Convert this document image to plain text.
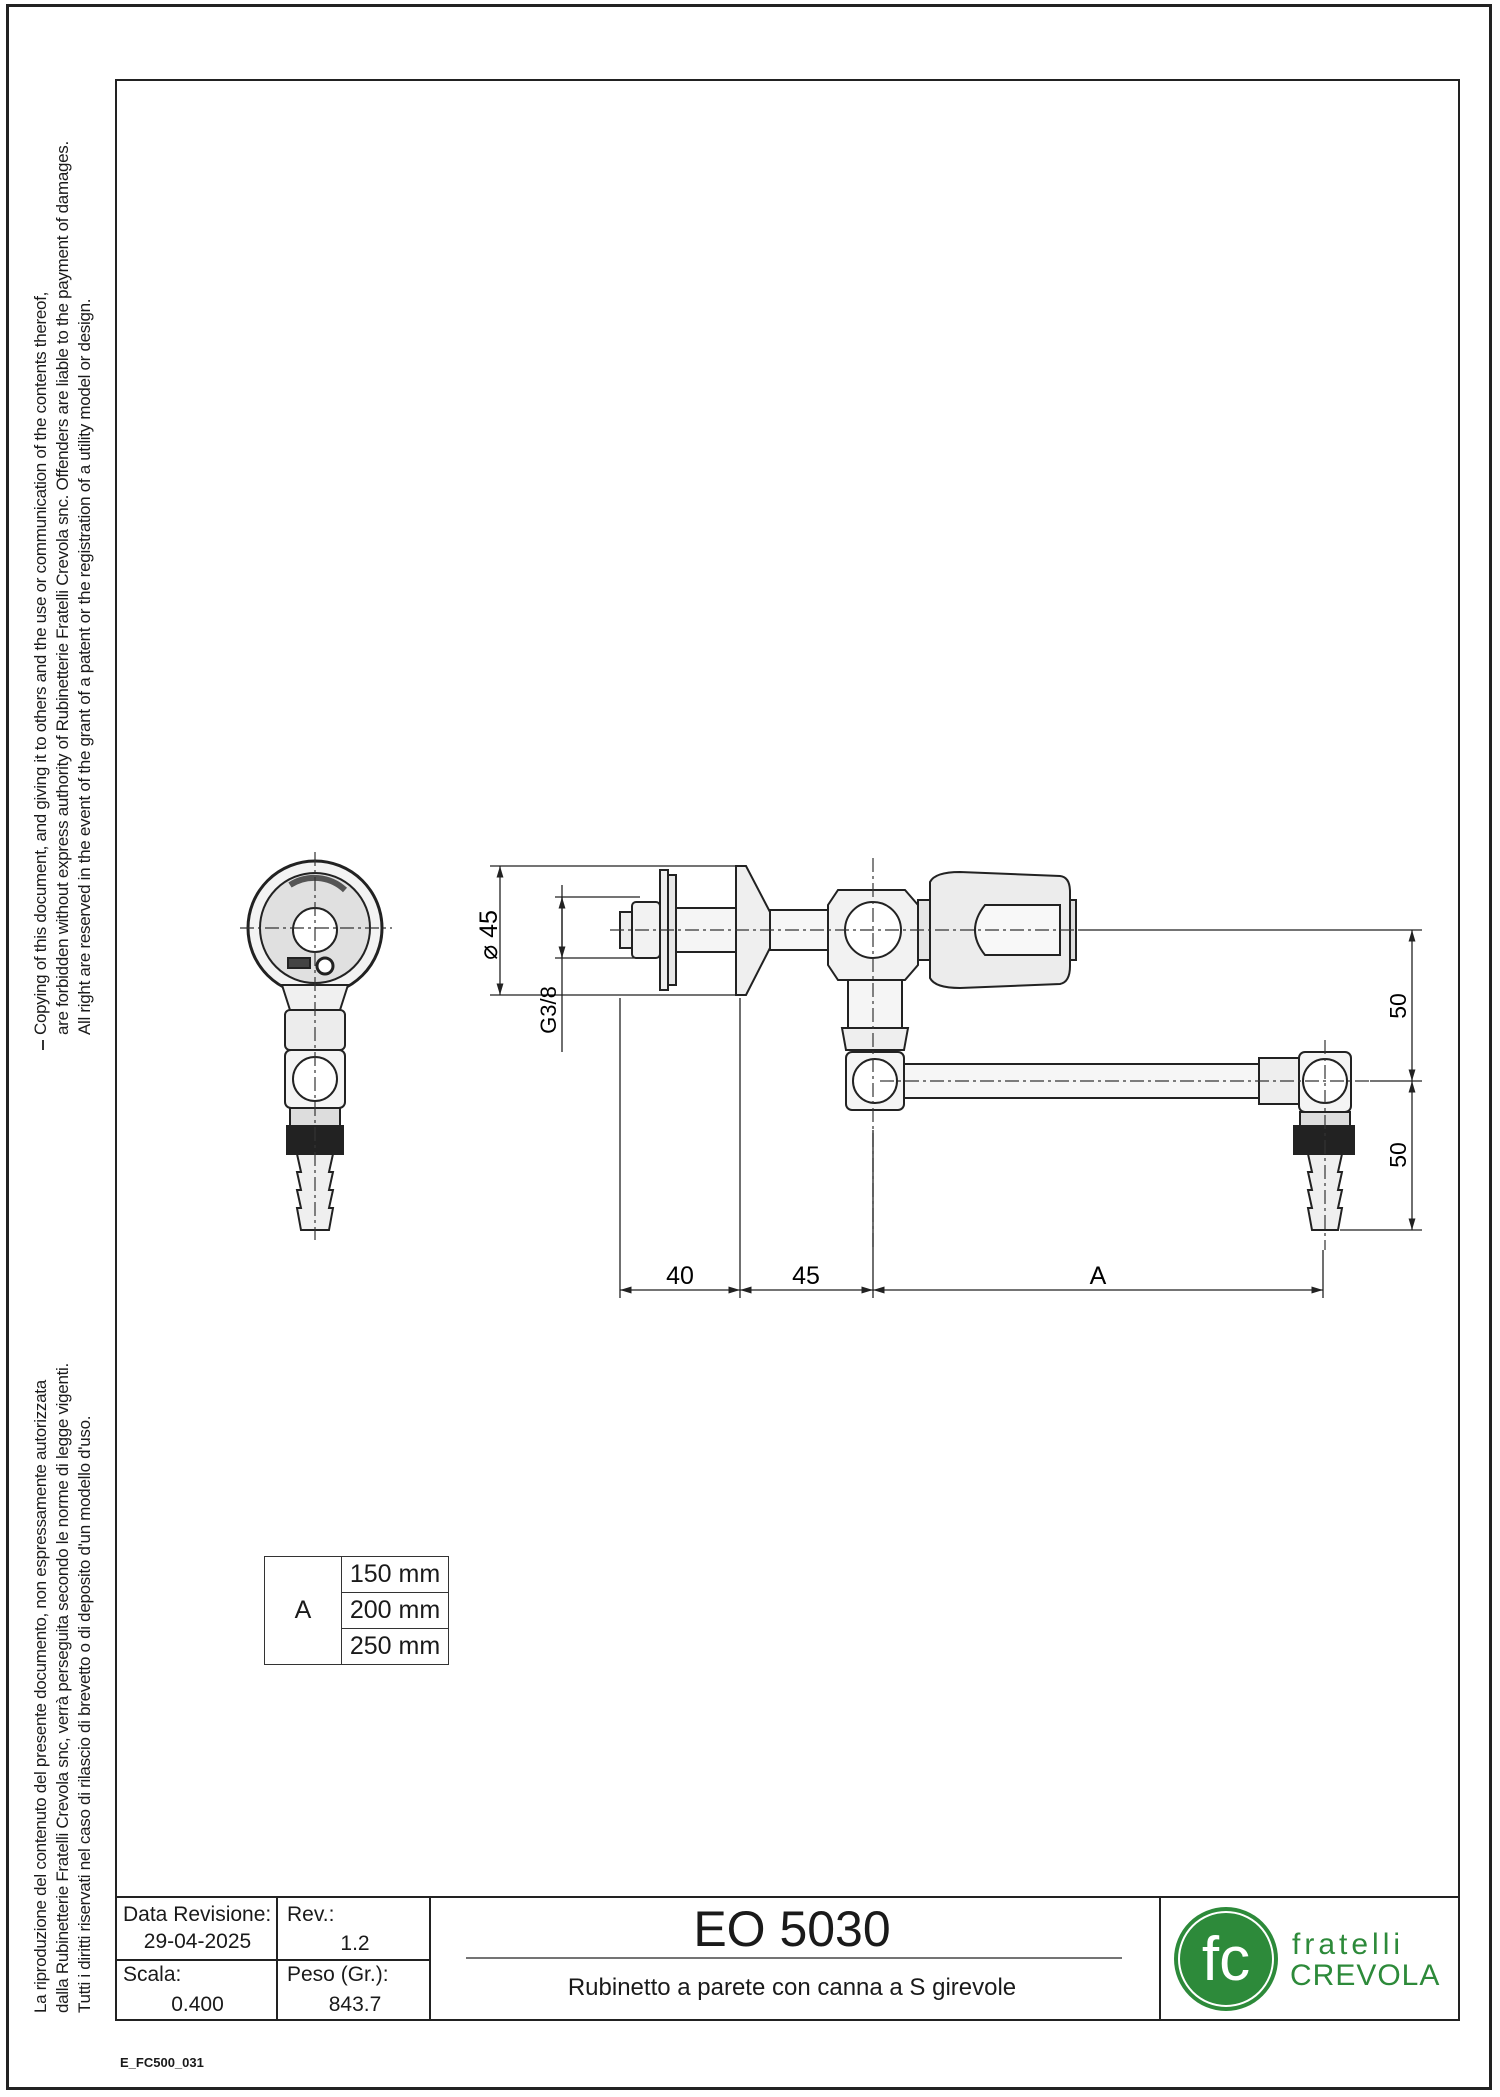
Copying of this document, and giving it to others and the use or communication of the contents thereof, are forbidden without express authority of Rubinetterie Fratelli Crevola snc. Offenders are liable to the payment of damages. All right are reserved in the event of the grant of a patent or the registration of a utility model or design.
La riproduzione del contenuto del presente documento, non espressamente autorizzata dalla Rubinetterie Fratelli Crevola snc, verrà perseguita secondo le norme di legge vigenti. Tutti i diritti riservati nel caso di rilascio di brevetto o di deposito d'un modello d'uso.
⌀ 45
G3/8
40	45	A
50
50
fc
A	150 mm
200 mm
250 mm
Data Revisione:
29-04-2025
Rev.:
1.2
Scala:
0.400
Peso (Gr.):
843.7
EO 5030
Rubinetto a parete con canna a S girevole
fratelli
CREVOLA
E_FC500_031
